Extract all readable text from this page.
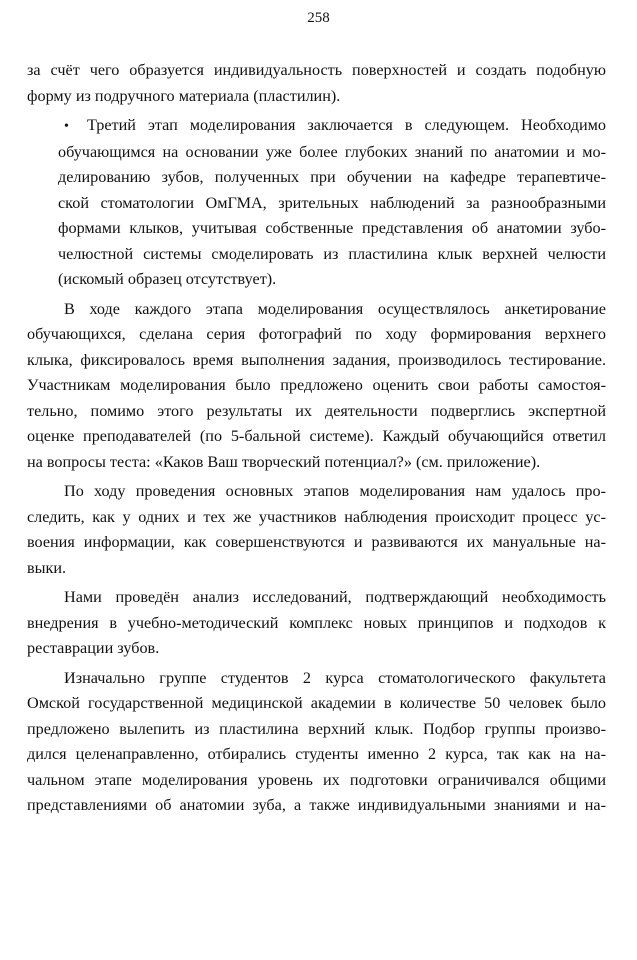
258
за счёт чего образуется индивидуальность поверхностей и создать подобную
форму из подручного материала (пластилин).
• Третий этап моделирования заключается в следующем. Необходимо
обучающимся на основании уже более глубоких знаний по анатомии и мо-
делированию зубов, полученных при обучении на кафедре терапевтиче-
ской стоматологии ОмГМА, зрительных наблюдений за разнообразными
формами клыков, учитывая собственные представления об анатомии зубо-
челюстной системы смоделировать из пластилина клык верхней челюсти
(искомый образец отсутствует).
В ходе каждого этапа моделирования осуществлялось анкетирование
обучающихся, сделана серия фотографий по ходу формирования верхнего
клыка, фиксировалось время выполнения задания, производилось тестирование.
Участникам моделирования было предложено оценить свои работы самостоя-
тельно, помимо этого результаты их деятельности подверглись экспертной
оценке преподавателей (по 5-бальной системе). Каждый обучающийся ответил
на вопросы теста: «Каков Ваш творческий потенциал?» (см. приложение).
По ходу проведения основных этапов моделирования нам удалось про-
следить, как у одних и тех же участников наблюдения происходит процесс ус-
воения информации, как совершенствуются и развиваются их мануальные на-
выки.
Нами проведён анализ исследований, подтверждающий необходимость
внедрения в учебно-методический комплекс новых принципов и подходов к
реставрации зубов.
Изначально группе студентов 2 курса стоматологического факультета
Омской государственной медицинской академии в количестве 50 человек было
предложено вылепить из пластилина верхний клык. Подбор группы произво-
дился целенаправленно, отбирались студенты именно 2 курса, так как на на-
чальном этапе моделирования уровень их подготовки ограничивался общими
представлениями об анатомии зуба, а также индивидуальными знаниями и на-
